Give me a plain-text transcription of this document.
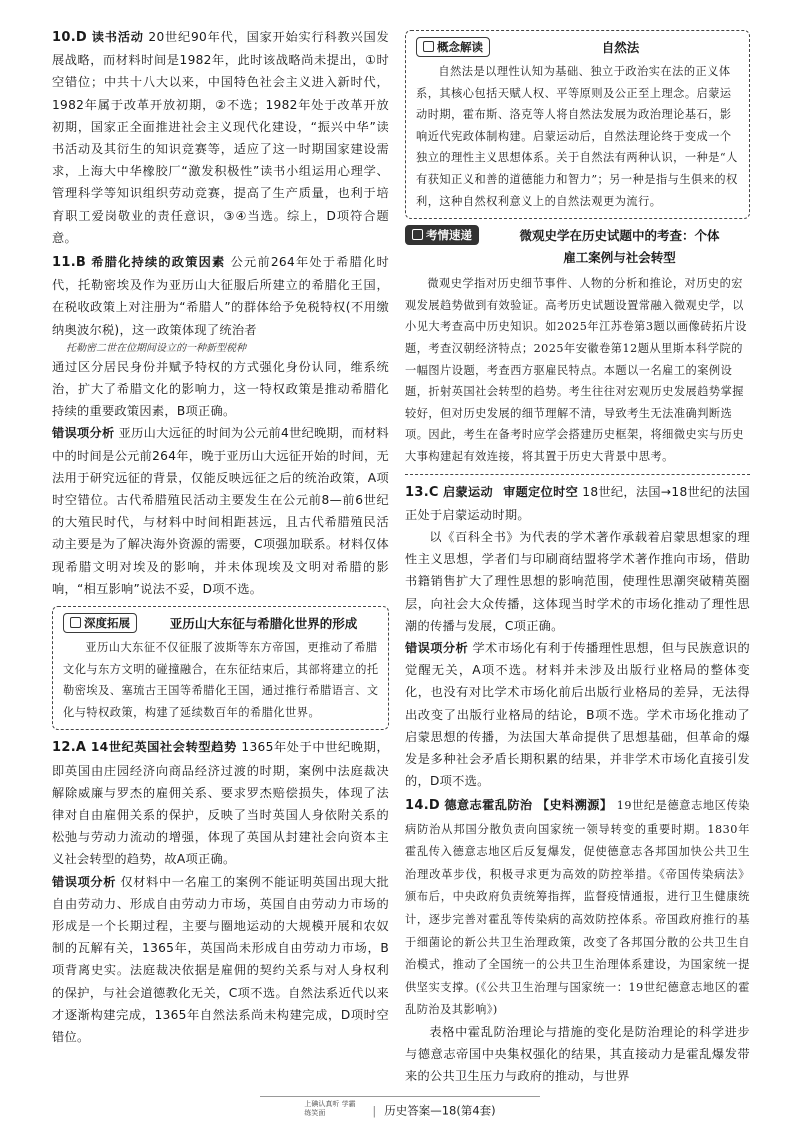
10.D 读书活动 20世纪90年代，国家开始实行科教兴国发展战略，而材料时间是1982年，此时该战略尚未提出，①时空错位；中共十八大以来，中国特色社会主义进入新时代，1982年属于改革开放初期，②不选；1982年处于改革开放初期，国家正全面推进社会主义现代化建设，“振兴中华”读书活动及其衍生的知识竞赛等，适应了这一时期国家建设需求，上海大中华橡胶厂“激发积极性”读书小组运用心理学、管理科学等知识组织劳动竞赛，提高了生产质量，也利于培育职工爱岗敬业的责任意识，③④当选。综上，D项符合题意。
11.B 希腊化持续的政策因素 公元前264年处于希腊化时代，托勒密埃及作为亚历山大征服后所建立的希腊化王国，在税收政策上对注册为“希腊人”的群体给予免税特权(不用缴纳奥波尔税)，这一政策体现了统治者
托勒密二世在位期间设立的一种新型税种
通过区分居民身份并赋予特权的方式强化身份认同，维系统治，扩大了希腊文化的影响力，这一特权政策是推动希腊化持续的重要政策因素，B项正确。
错误项分析 亚历山大远征的时间为公元前4世纪晚期，而材料中的时间是公元前264年，晚于亚历山大远征开始的时间，无法用于研究远征的背景，仅能反映远征之后的统治政策，A项时空错位。古代希腊殖民活动主要发生在公元前8—前6世纪的大殖民时代，与材料中时间相距甚远，且古代希腊殖民活动主要是为了解决海外资源的需要，C项强加联系。材料仅体现希腊文明对埃及的影响，并未体现埃及文明对希腊的影响，“相互影响”说法不妥，D项不选。
深度拓展	亚历山大东征与希腊化世界的形成
亚历山大东征不仅征服了波斯等东方帝国，更推动了希腊文化与东方文明的碰撞融合，在东征结束后，其部将建立的托勒密埃及、塞琉古王国等希腊化王国，通过推行希腊语言、文化与特权政策，构建了延续数百年的希腊化世界。
12.A 14世纪英国社会转型趋势 1365年处于中世纪晚期，即英国由庄园经济向商品经济过渡的时期，案例中法庭裁决解除威廉与罗杰的雇佣关系、要求罗杰赔偿损失，体现了法律对自由雇佣关系的保护，反映了当时英国人身依附关系的松弛与劳动力流动的增强，体现了英国从封建社会向资本主义社会转型的趋势，故A项正确。
错误项分析 仅材料中一名雇工的案例不能证明英国出现大批自由劳动力、形成自由劳动力市场，英国自由劳动力市场的形成是一个长期过程，主要与圈地运动的大规模开展和农奴制的瓦解有关，1365年，英国尚未形成自由劳动力市场，B项背离史实。法庭裁决依据是雇佣的契约关系与对人身权利的保护，与社会道德教化无关，C项不选。自然法系近代以来才逐渐构建完成，1365年自然法系尚未构建完成，D项时空错位。
概念解读	自然法
自然法是以理性认知为基础、独立于政治实在法的正义体系，其核心包括天赋人权、平等原则及公正至上理念。启蒙运动时期，霍布斯、洛克等人将自然法发展为政治理论基石，影响近代宪政体制构建。启蒙运动后，自然法理论终于变成一个独立的理性主义思想体系。关于自然法有两种认识，一种是“人有获知正义和善的道德能力和智力”；另一种是指与生俱来的权利，这种自然权利意义上的自然法观更为流行。
考情速递	微观史学在历史试题中的考查：个体
雇工案例与社会转型
微观史学指对历史细节事件、人物的分析和推论，对历史的宏观发展趋势做到有效验证。高考历史试题设置常融入微观史学，以小见大考查高中历史知识。如2025年江苏卷第3题以画像砖拓片设题，考查汉朝经济特点；2025年安徽卷第12题从里斯本科学院的一幅图片设题，考查西方驱雇民特点。本题以一名雇工的案例设题，折射英国社会转型的趋势。考生往往对宏观历史发展趋势掌握较好，但对历史发展的细节理解不清，导致考生无法准确判断选项。因此，考生在备考时应学会搭建历史框架，将细微史实与历史大事构建起有效连接，将其置于历史大背景中思考。
13.C 启蒙运动 审题定位时空 18世纪，法国→18世纪的法国正处于启蒙运动时期。
以《百科全书》为代表的学术著作承载着启蒙思想家的理性主义思想，学者们与印刷商结盟将学术著作推向市场，借助书籍销售扩大了理性思想的影响范围，使理性思潮突破精英圈层，向社会大众传播，这体现当时学术的市场化推动了理性思潮的传播与发展，C项正确。
错误项分析 学术市场化有利于传播理性思想，但与民族意识的觉醒无关，A项不选。材料并未涉及出版行业格局的整体变化，也没有对比学术市场化前后出版行业格局的差异，无法得出改变了出版行业格局的结论，B项不选。学术市场化推动了启蒙思想的传播，为法国大革命提供了思想基础，但革命的爆发是多种社会矛盾长期积累的结果，并非学术市场化直接引发的，D项不选。
14.D 德意志霍乱防治 【史料溯源】 19世纪是德意志地区传染病防治从邦国分散负责向国家统一领导转变的重要时期。1830年霍乱传入德意志地区后反复爆发，促使德意志各邦国加快公共卫生治理改革步伐，积极寻求更为高效的防控举措。《帝国传染病法》颁布后，中央政府负责统筹指挥，监督疫情通报，进行卫生健康统计，逐步完善对霍乱等传染病的高效防控体系。帝国政府推行的基于细菌论的新公共卫生治理政策，改变了各邦国分散的公共卫生自治模式，推动了全国统一的公共卫生治理体系建设，为国家统一提供坚实支撑。(《公共卫生治理与国家统一：19世纪德意志地区的霍乱防治及其影响》)
表格中霍乱防治理论与措施的变化是防治理论的科学进步与德意志帝国中央集权强化的结果，其直接动力是霍乱爆发带来的公共卫生压力与政府的推动，与世界
上碘认真听 学霸练笑面	| 历史答案—18(第4套)
